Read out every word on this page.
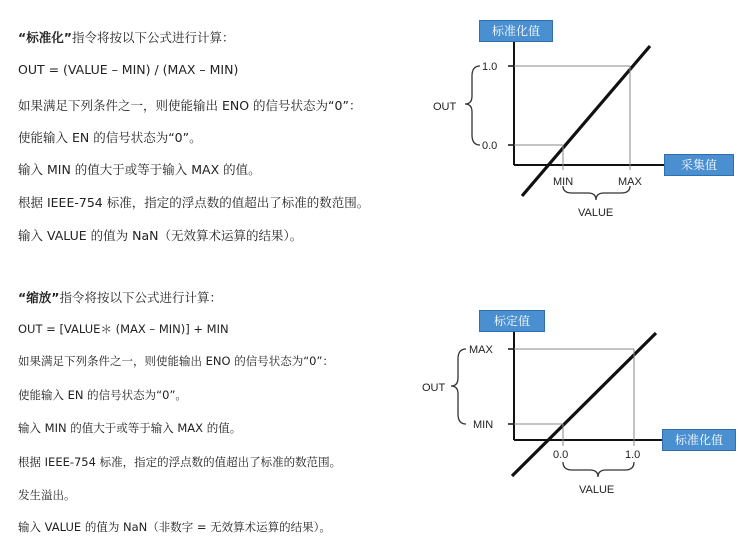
“标准化”指令将按以下公式进行计算：
OUT = (VALUE – MIN) / (MAX – MIN)
如果满足下列条件之一，则使能输出 ENO 的信号状态为“0”：
使能输入 EN 的信号状态为“0”。
输入 MIN 的值大于或等于输入 MAX 的值。
根据 IEEE-754 标准，指定的浮点数的值超出了标准的数范围。
输入 VALUE 的值为 NaN（无效算术运算的结果）。
“缩放”指令将按以下公式进行计算：
OUT = [VALUE＊ (MAX – MIN)] + MIN
如果满足下列条件之一，则使能输出 ENO 的信号状态为“0”：
使能输入 EN 的信号状态为“0”。
输入 MIN 的值大于或等于输入 MAX 的值。
根据 IEEE-754 标准，指定的浮点数的值超出了标准的数范围。
发生溢出。
输入 VALUE 的值为 NaN（非数字 = 无效算术运算的结果）。
1.0
0.0
OUT
MIN	MAX
VALUE
MAX
MIN
OUT
0.0	1.0
VALUE
标准化值
采集值
标定值
标准化值
